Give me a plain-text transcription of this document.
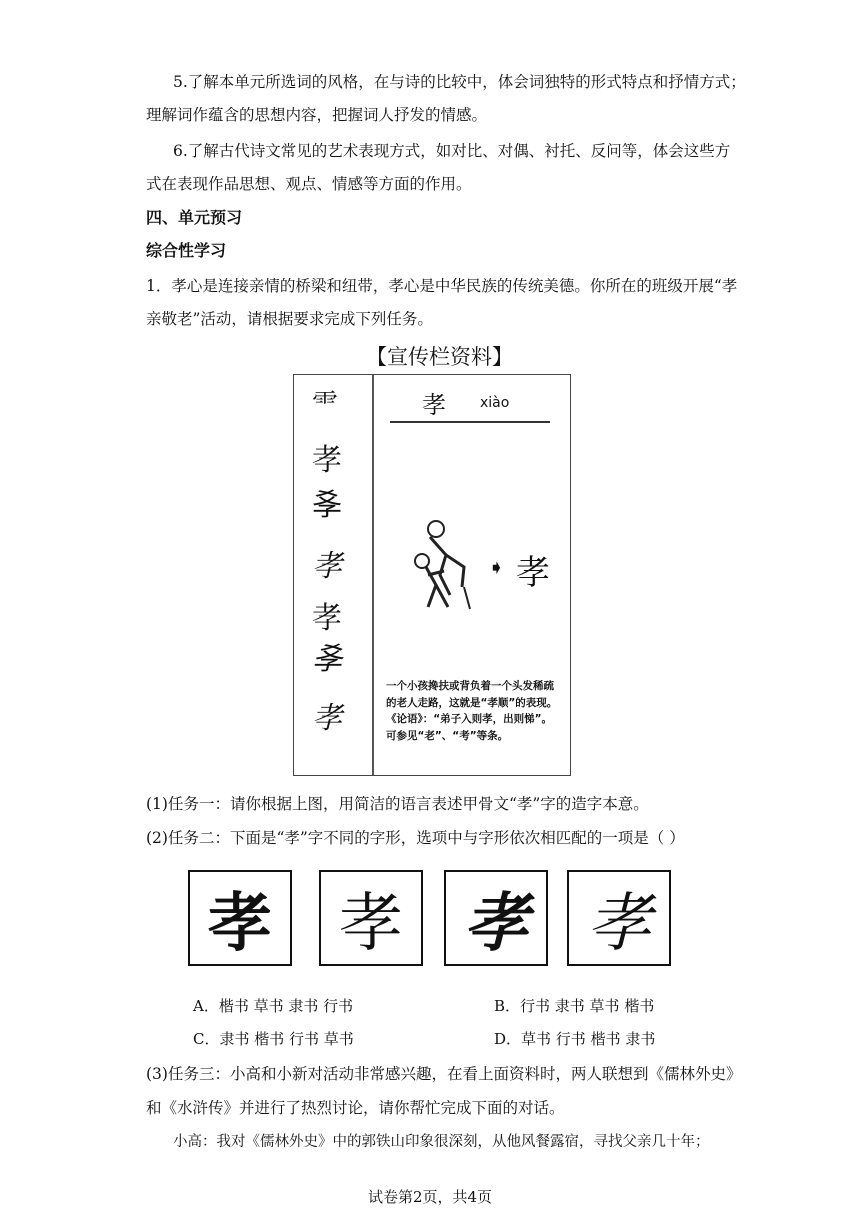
5.了解本单元所选词的风格，在与诗的比较中，体会词独特的形式特点和抒情方式；
理解词作蕴含的思想内容，把握词人抒发的情感。
6.了解古代诗文常见的艺术表现方式，如对比、对偶、衬托、反问等，体会这些方
式在表现作品思想、观点、情感等方面的作用。
四、单元预习
综合性学习
1．孝心是连接亲情的桥梁和纽带，孝心是中华民族的传统美德。你所在的班级开展“孝
亲敬老”活动，请根据要求完成下列任务。
【宣传栏资料】
⻗
孝
𡥈
孝
孝
𡥈
孝
孝 xiào
➧ 孝
一个小孩搀扶或背负着一个头发稀疏的老人走路，这就是“孝顺”的表现。《论语》：“弟子入则孝，出则悌”。可参见“老”、“考”等条。
(1)任务一：请你根据上图，用简洁的语言表述甲骨文“孝”字的造字本意。
(2)任务二：下面是“孝”字不同的字形，选项中与字形依次相匹配的一项是（ ）
孝 孝 孝 孝
A．楷书 草书 隶书 行书	B．行书 隶书 草书 楷书
C．隶书 楷书 行书 草书	D．草书 行书 楷书 隶书
(3)任务三：小高和小新对活动非常感兴趣，在看上面资料时，两人联想到《儒林外史》
和《水浒传》并进行了热烈讨论，请你帮忙完成下面的对话。
小高：我对《儒林外史》中的郭铁山印象很深刻，从他风餐露宿，寻找父亲几十年；
试卷第2页，共4页
